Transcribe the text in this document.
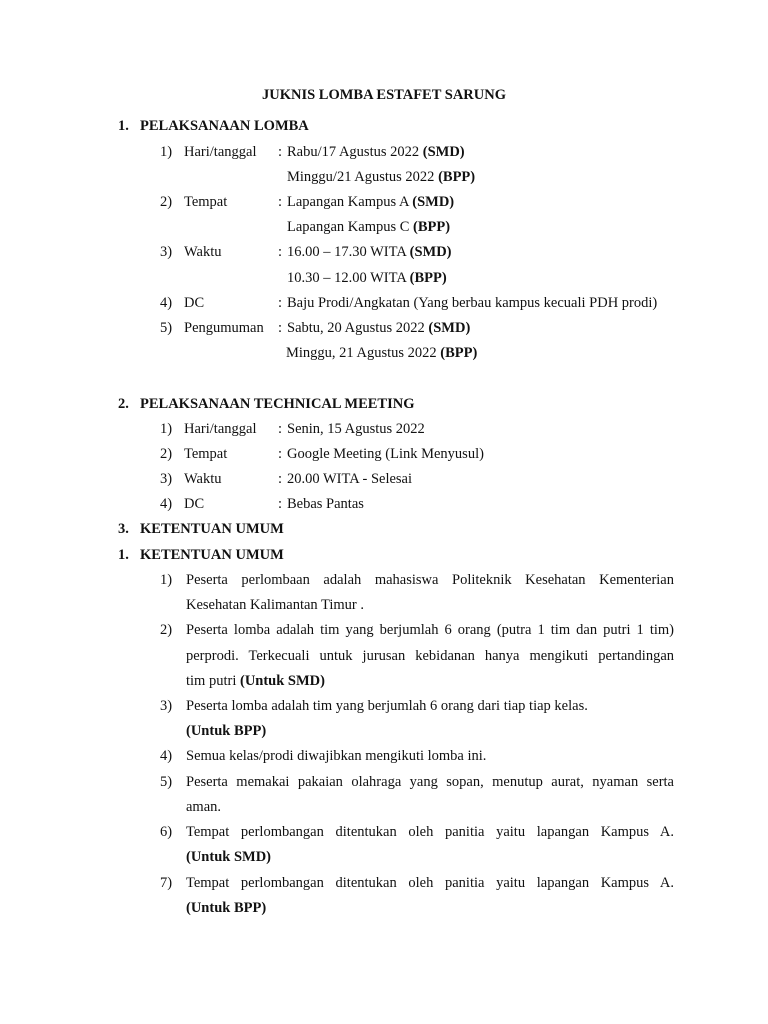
JUKNIS LOMBA ESTAFET SARUNG
1. PELAKSANAAN LOMBA
1) Hari/tanggal : Rabu/17 Agustus 2022 (SMD)
Minggu/21 Agustus 2022 (BPP)
2) Tempat	: Lapangan Kampus A (SMD)
Lapangan Kampus C (BPP)
3) Waktu	: 16.00 – 17.30 WITA (SMD)
10.30 – 12.00 WITA (BPP)
4) DC	: Baju Prodi/Angkatan (Yang berbau kampus kecuali PDH prodi)
5) Pengumuman : Sabtu, 20 Agustus 2022 (SMD)
Minggu, 21 Agustus 2022 (BPP)
2. PELAKSANAAN TECHNICAL MEETING
1) Hari/tanggal : Senin, 15 Agustus 2022
2) Tempat	: Google Meeting (Link Menyusul)
3) Waktu	: 20.00 WITA - Selesai
4) DC	: Bebas Pantas
3. KETENTUAN UMUM
1. KETENTUAN UMUM
1) Peserta perlombaan adalah mahasiswa Politeknik Kesehatan Kementerian
Kesehatan Kalimantan Timur .
2) Peserta lomba adalah tim yang berjumlah 6 orang (putra 1 tim dan putri 1 tim)
perprodi. Terkecuali untuk jurusan kebidanan hanya mengikuti pertandingan
tim putri (Untuk SMD)
3) Peserta lomba adalah tim yang berjumlah 6 orang dari tiap tiap kelas.
(Untuk BPP)
4) Semua kelas/prodi diwajibkan mengikuti lomba ini.
5) Peserta memakai pakaian olahraga yang sopan, menutup aurat, nyaman serta
aman.
6) Tempat perlombangan ditentukan oleh panitia yaitu lapangan Kampus A.
(Untuk SMD)
7) Tempat perlombangan ditentukan oleh panitia yaitu lapangan Kampus A.
(Untuk BPP)
